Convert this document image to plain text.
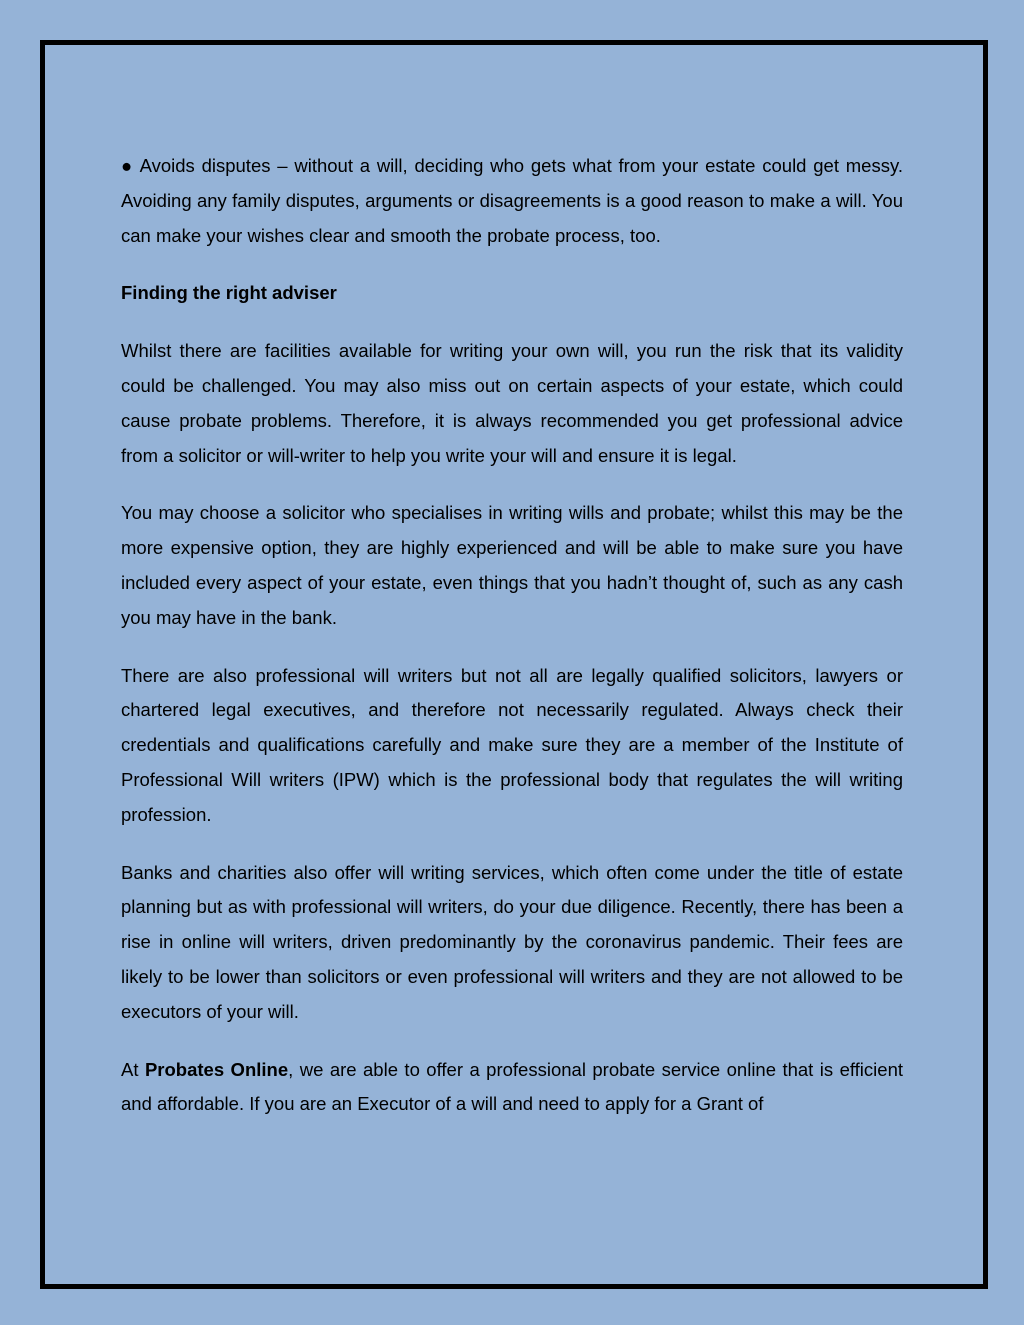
● Avoids disputes – without a will, deciding who gets what from your estate could get messy. Avoiding any family disputes, arguments or disagreements is a good reason to make a will. You can make your wishes clear and smooth the probate process, too.

Finding the right adviser

Whilst there are facilities available for writing your own will, you run the risk that its validity could be challenged. You may also miss out on certain aspects of your estate, which could cause probate problems. Therefore, it is always recommended you get professional advice from a solicitor or will-writer to help you write your will and ensure it is legal.

You may choose a solicitor who specialises in writing wills and probate; whilst this may be the more expensive option, they are highly experienced and will be able to make sure you have included every aspect of your estate, even things that you hadn’t thought of, such as any cash you may have in the bank.

There are also professional will writers but not all are legally qualified solicitors, lawyers or chartered legal executives, and therefore not necessarily regulated. Always check their credentials and qualifications carefully and make sure they are a member of the Institute of Professional Will writers (IPW) which is the professional body that regulates the will writing profession.

Banks and charities also offer will writing services, which often come under the title of estate planning but as with professional will writers, do your due diligence. Recently, there has been a rise in online will writers, driven predominantly by the coronavirus pandemic. Their fees are likely to be lower than solicitors or even professional will writers and they are not allowed to be executors of your will.

At Probates Online, we are able to offer a professional probate service online that is efficient and affordable. If you are an Executor of a will and need to apply for a Grant of
